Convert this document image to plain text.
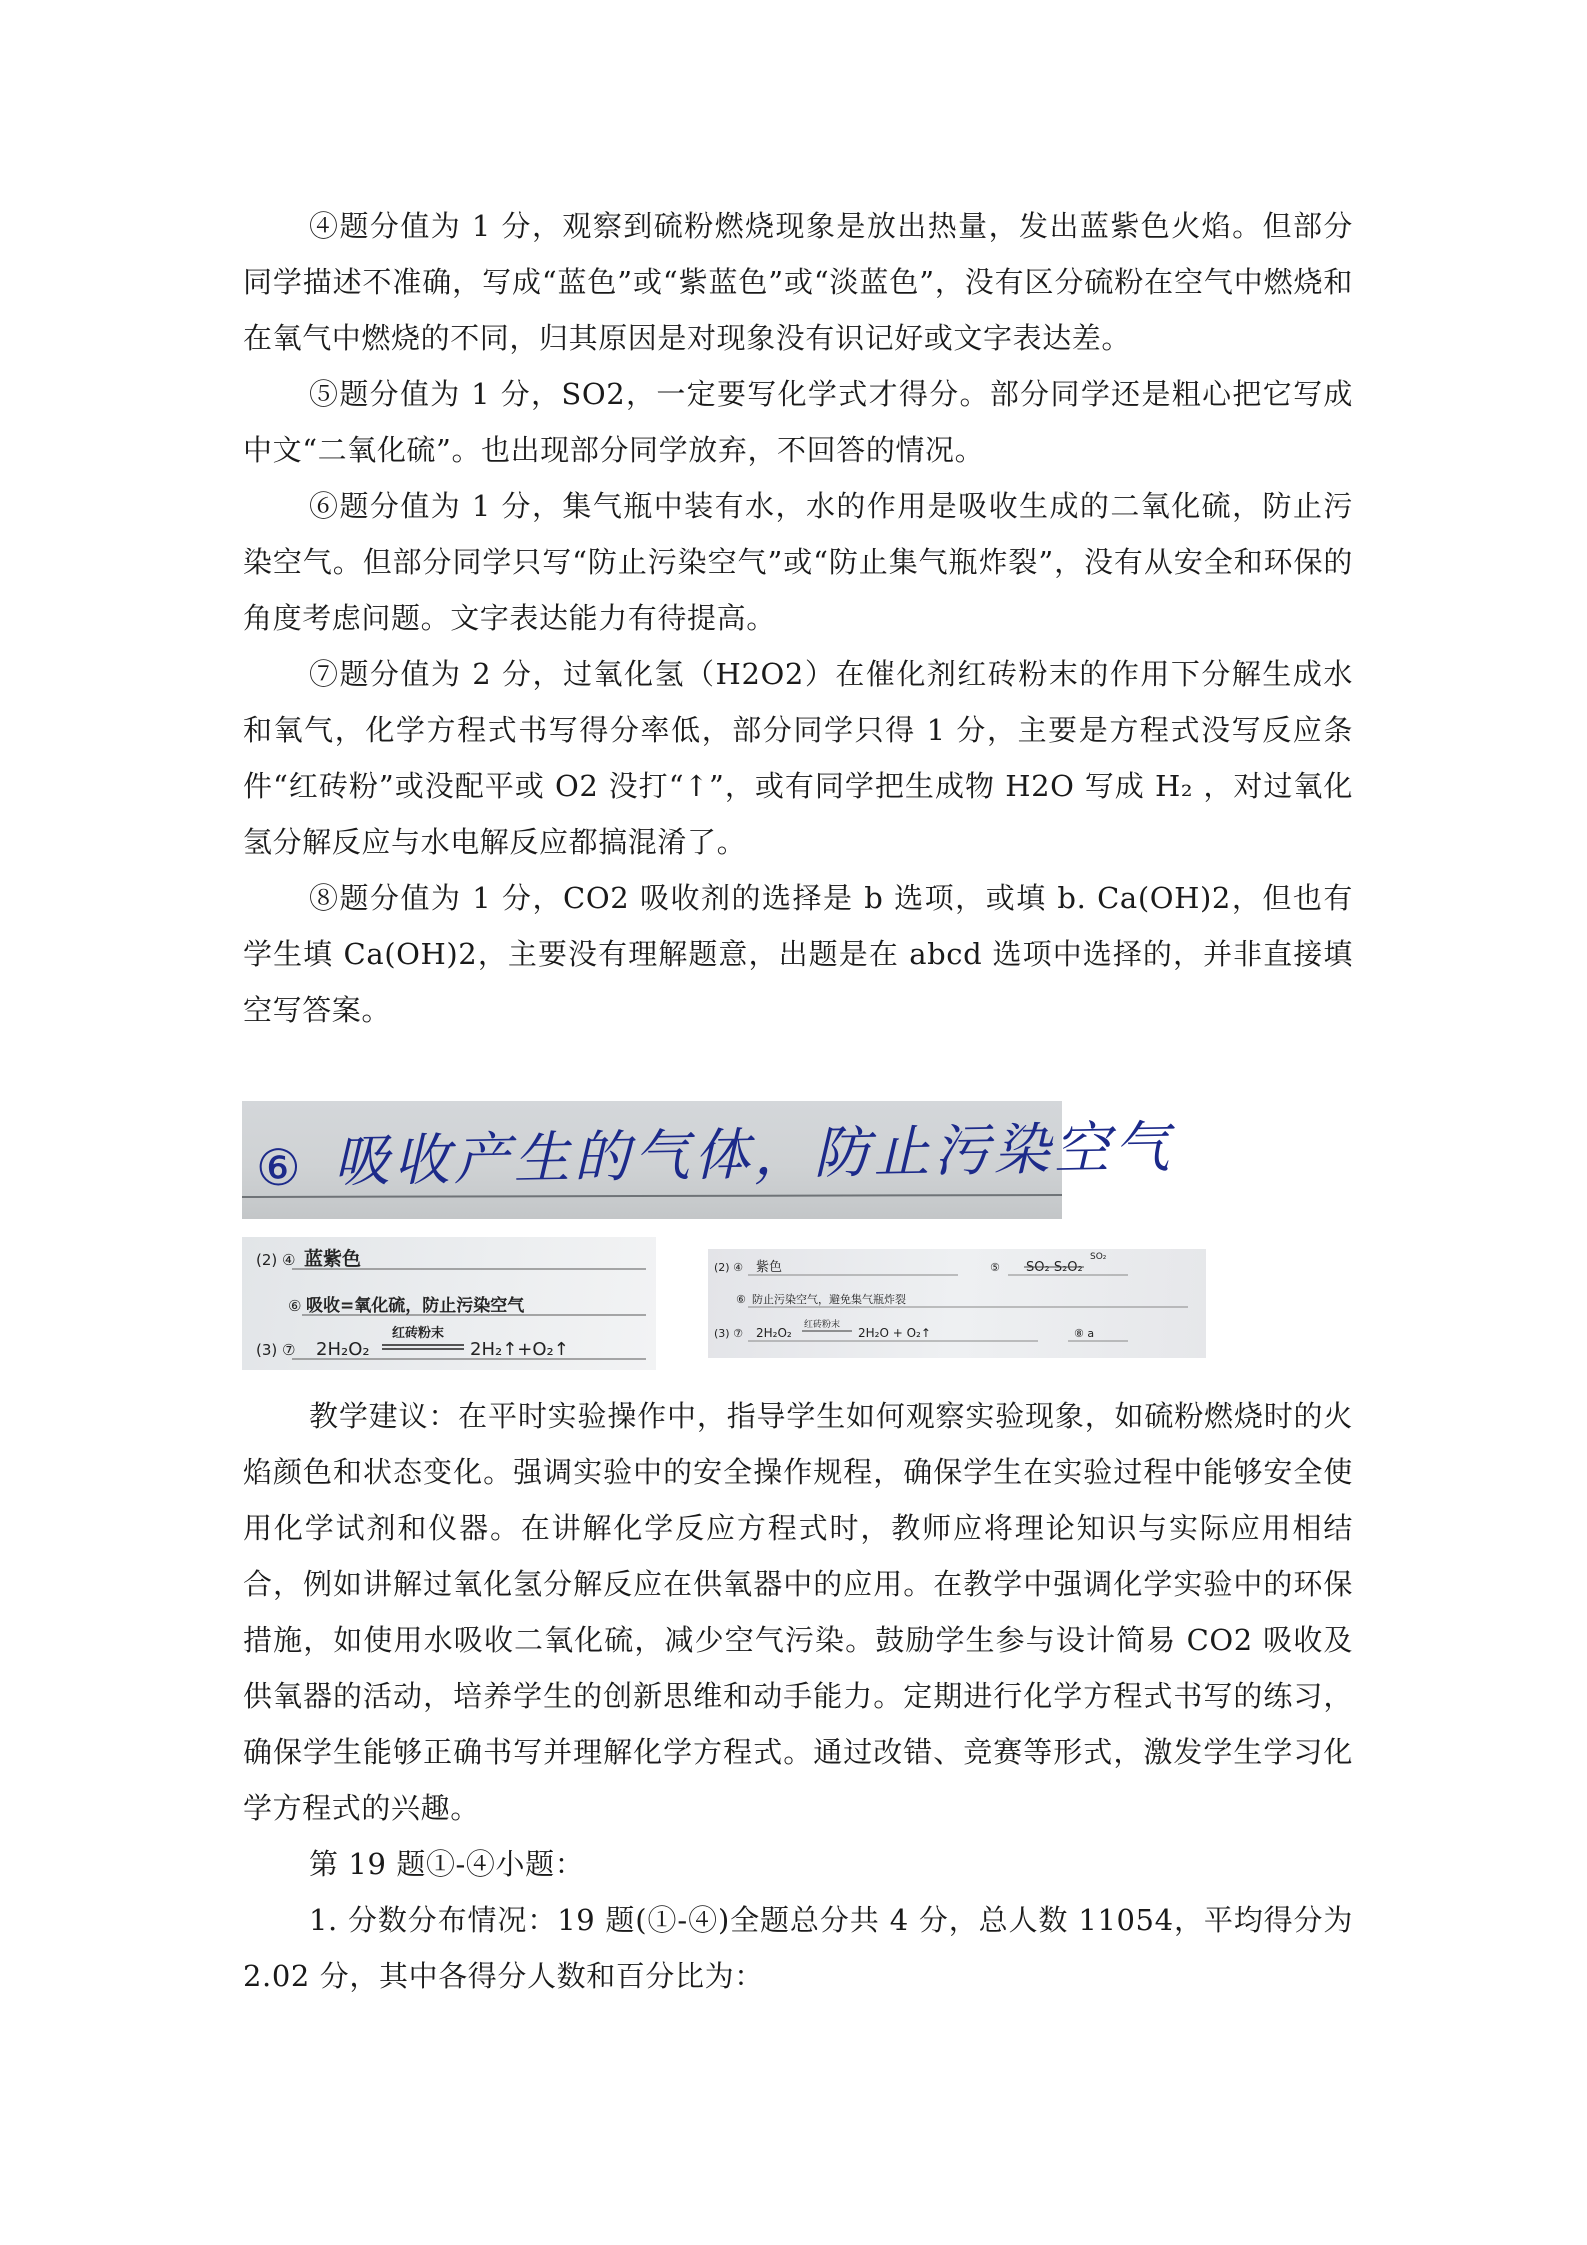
④题分值为 1 分，观察到硫粉燃烧现象是放出热量，发出蓝紫色火焰。但部分同学描述不准确，写成“蓝色”或“紫蓝色”或“淡蓝色”，没有区分硫粉在空气中燃烧和在氧气中燃烧的不同，归其原因是对现象没有识记好或文字表达差。

⑤题分值为 1 分，SO2，一定要写化学式才得分。部分同学还是粗心把它写成中文“二氧化硫”。也出现部分同学放弃，不回答的情况。

⑥题分值为 1 分，集气瓶中装有水，水的作用是吸收生成的二氧化硫，防止污染空气。但部分同学只写“防止污染空气”或“防止集气瓶炸裂”，没有从安全和环保的角度考虑问题。文字表达能力有待提高。

⑦题分值为 2 分，过氧化氢（H2O2）在催化剂红砖粉末的作用下分解生成水和氧气，化学方程式书写得分率低，部分同学只得 1 分，主要是方程式没写反应条件“红砖粉”或没配平或 O2 没打“↑”，或有同学把生成物 H2O 写成 H₂ ，对过氧化氢分解反应与水电解反应都搞混淆了。

⑧题分值为 1 分，CO2 吸收剂的选择是 b 选项，或填 b. Ca(OH)2，但也有学生填 Ca(OH)2，主要没有理解题意，出题是在 abcd 选项中选择的，并非直接填空写答案。

⑥ 吸收产生的气体，防止污染空气
(2) ④ 蓝紫色
⑥ 吸收=氧化硫，防止污染空气
(3) ⑦ 2H₂O₂
红砖粉末
2H₂↑+O₂↑
(2) ④ 紫色	⑤ SO₂ S₂O₂
SO₂
⑥ 防止污染空气，避免集气瓶炸裂
(3) ⑦ 2H₂O₂
红砖粉末
2H₂O + O₂↑	⑧ a

教学建议：在平时实验操作中，指导学生如何观察实验现象，如硫粉燃烧时的火焰颜色和状态变化。强调实验中的安全操作规程，确保学生在实验过程中能够安全使用化学试剂和仪器。在讲解化学反应方程式时，教师应将理论知识与实际应用相结合，例如讲解过氧化氢分解反应在供氧器中的应用。在教学中强调化学实验中的环保措施，如使用水吸收二氧化硫，减少空气污染。鼓励学生参与设计简易 CO2 吸收及供氧器的活动，培养学生的创新思维和动手能力。定期进行化学方程式书写的练习，确保学生能够正确书写并理解化学方程式。通过改错、竞赛等形式，激发学生学习化学方程式的兴趣。

第 19 题①-④小题：

1. 分数分布情况：19 题(①-④)全题总分共 4 分，总人数 11054，平均得分为 2.02 分，其中各得分人数和百分比为：
